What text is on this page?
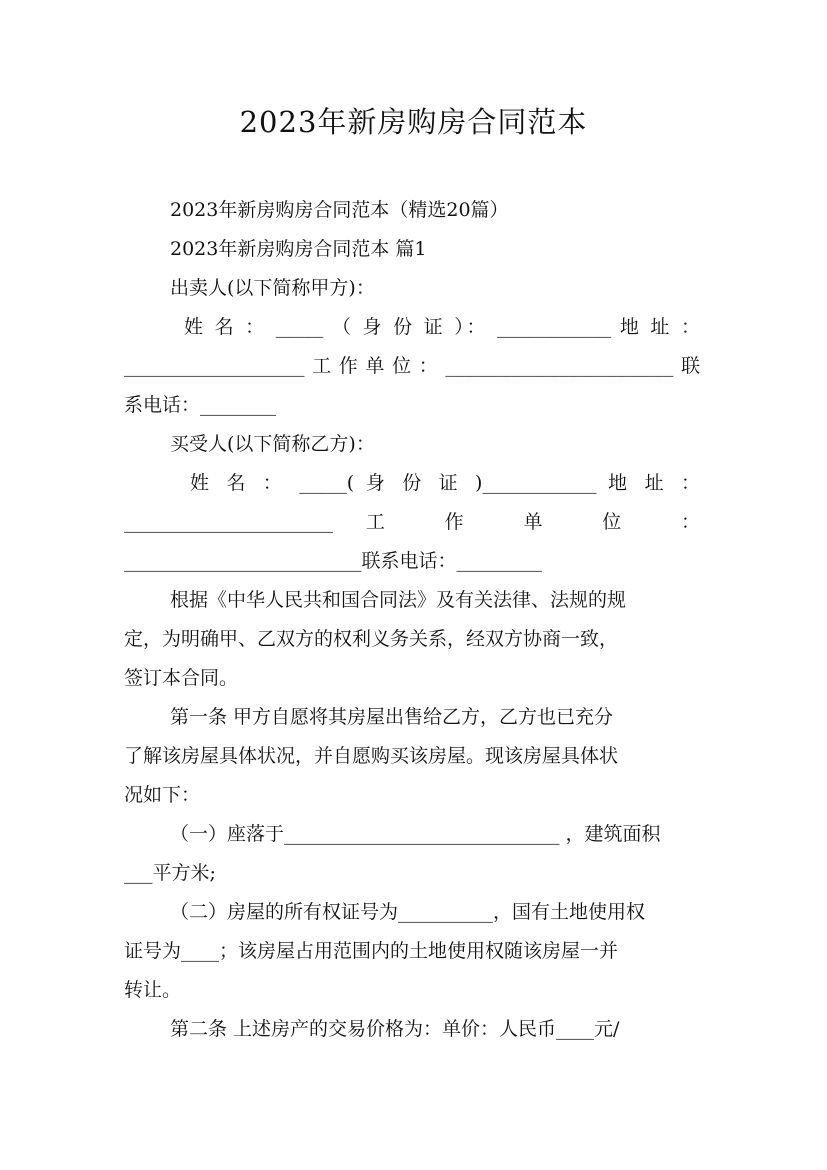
2023年新房购房合同范本
2023年新房购房合同范本（精选20篇）
2023年新房购房合同范本 篇1
出卖人(以下简称甲方)：
姓 名 ： _____ （ 身 份 证 ）： ____________ 地 址 ：
___________________工作单位：________________________联
系电话：________
买受人(以下简称乙方)：
姓 名 ： _____( 身 份 证 )____________ 地 址 ：
______________________ 工 作 单 位 ：
_________________________联系电话：_________
根据《中华人民共和国合同法》及有关法律、法规的规
定，为明确甲、乙双方的权利义务关系，经双方协商一致，
签订本合同。
第一条 甲方自愿将其房屋出售给乙方，乙方也已充分
了解该房屋具体状况，并自愿购买该房屋。现该房屋具体状
况如下：
（一）座落于_____________________________ ，建筑面积
___平方米;
（二）房屋的所有权证号为__________，国有土地使用权
证号为____；该房屋占用范围内的土地使用权随该房屋一并
转让。
第二条 上述房产的交易价格为：单价：人民币____元/
